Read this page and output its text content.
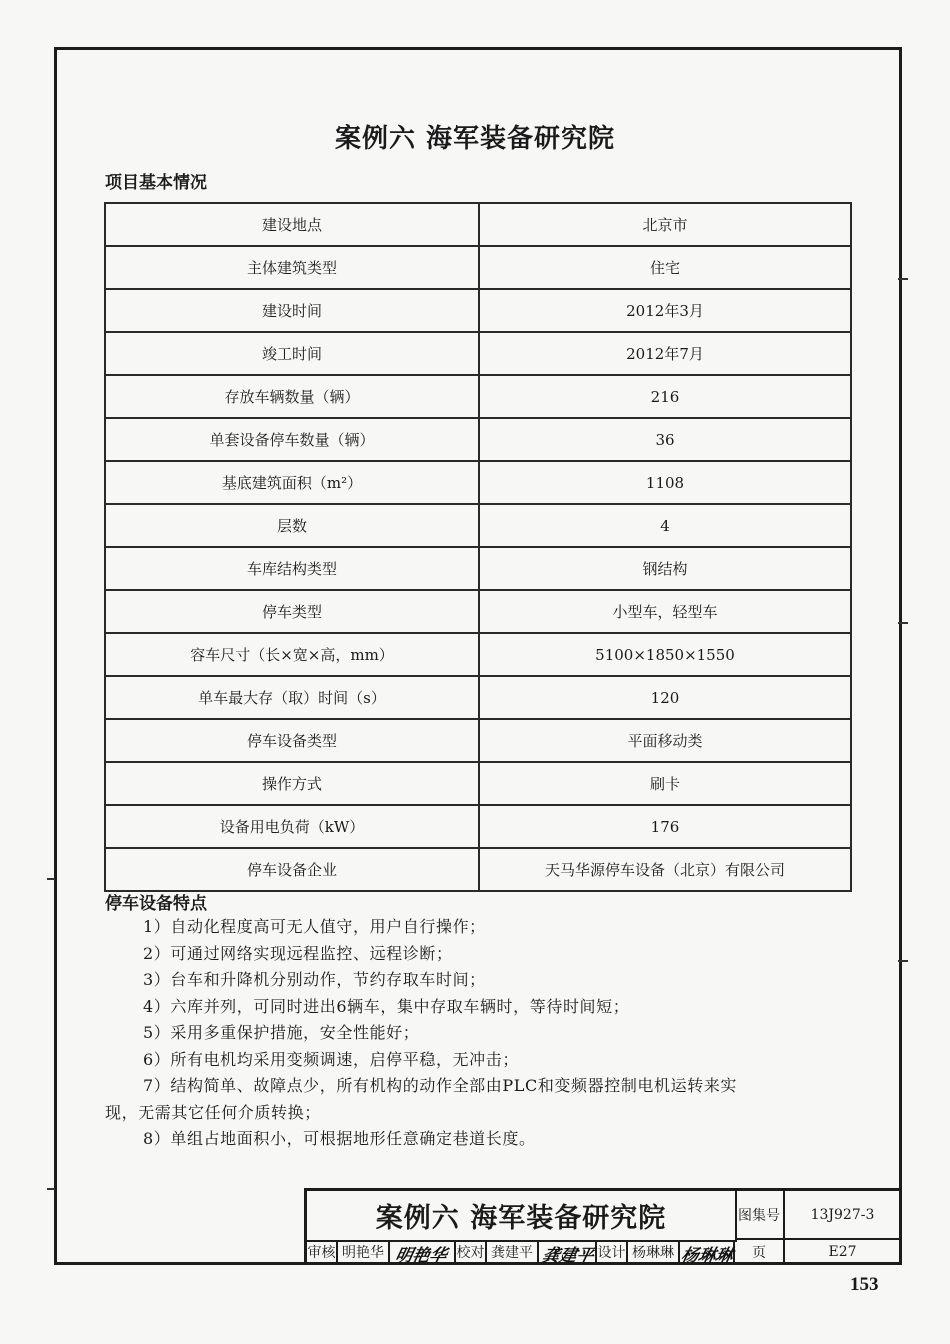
案例六 海军装备研究院
项目基本情况
建设地点	北京市
主体建筑类型	住宅
建设时间	2012年3月
竣工时间	2012年7月
存放车辆数量（辆）	216
单套设备停车数量（辆）	36
基底建筑面积（m²）	1108
层数	4
车库结构类型	钢结构
停车类型	小型车，轻型车
容车尺寸（长×宽×高，mm）	5100×1850×1550
单车最大存（取）时间（s）	120
停车设备类型	平面移动类
操作方式	刷卡
设备用电负荷（kW）	176
停车设备企业	天马华源停车设备（北京）有限公司
停车设备特点
1）自动化程度高可无人值守，用户自行操作；
2）可通过网络实现远程监控、远程诊断；
3）台车和升降机分别动作，节约存取车时间；
4）六库并列，可同时进出6辆车，集中存取车辆时，等待时间短；
5）采用多重保护措施，安全性能好；
6）所有电机均采用变频调速，启停平稳，无冲击；
7）结构简单、故障点少，所有机构的动作全部由PLC和变频器控制电机运转来实
现，无需其它任何介质转换；
8）单组占地面积小，可根据地形任意确定巷道长度。
案例六 海军装备研究院	图集号	13J927-3
审核 明艳华 明艳华 校对 龚建平 龚建平 设计 杨琳琳 杨琳琳	页	E27
153
